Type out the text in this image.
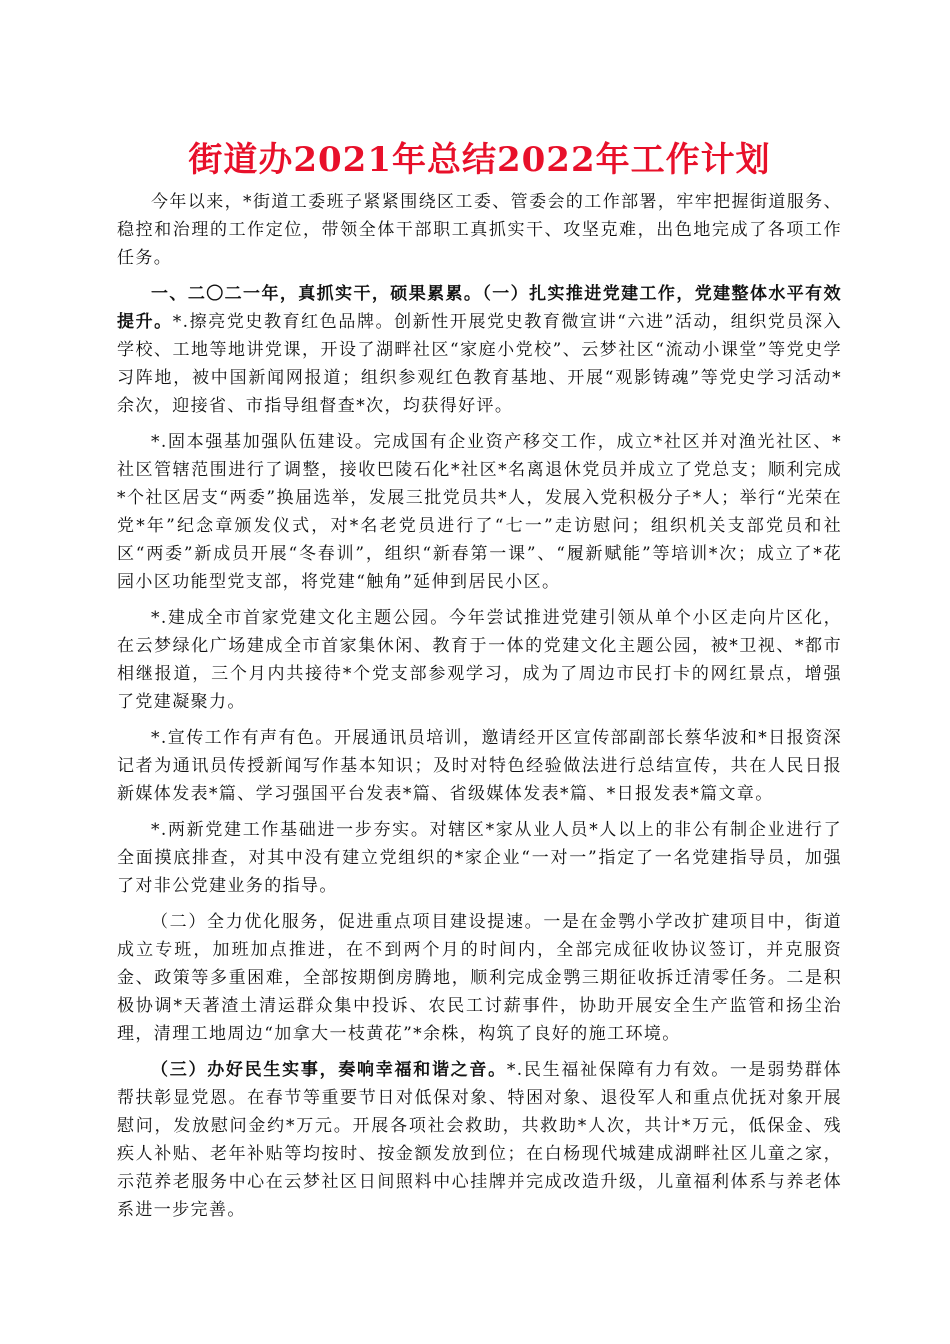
街道办2021年总结2022年工作计划

今年以来，*街道工委班子紧紧围绕区工委、管委会的工作部署，牢牢把握街道服务、稳控和治理的工作定位，带领全体干部职工真抓实干、攻坚克难，出色地完成了各项工作任务。

一、二〇二一年，真抓实干，硕果累累。（一）扎实推进党建工作，党建整体水平有效提升。*.擦亮党史教育红色品牌。创新性开展党史教育微宣讲“六进”活动，组织党员深入学校、工地等地讲党课，开设了湖畔社区“家庭小党校”、云梦社区“流动小课堂”等党史学习阵地，被中国新闻网报道；组织参观红色教育基地、开展“观影铸魂”等党史学习活动*余次，迎接省、市指导组督查*次，均获得好评。

*.固本强基加强队伍建设。完成国有企业资产移交工作，成立*社区并对渔光社区、*社区管辖范围进行了调整，接收巴陵石化*社区*名离退休党员并成立了党总支；顺利完成*个社区居支“两委”换届选举，发展三批党员共*人，发展入党积极分子*人；举行“光荣在党*年”纪念章颁发仪式，对*名老党员进行了“七一”走访慰问；组织机关支部党员和社区“两委”新成员开展“冬春训”，组织“新春第一课”、“履新赋能”等培训*次；成立了*花园小区功能型党支部，将党建“触角”延伸到居民小区。

*.建成全市首家党建文化主题公园。今年尝试推进党建引领从单个小区走向片区化，在云梦绿化广场建成全市首家集休闲、教育于一体的党建文化主题公园，被*卫视、*都市相继报道，三个月内共接待*个党支部参观学习，成为了周边市民打卡的网红景点，增强了党建凝聚力。

*.宣传工作有声有色。开展通讯员培训，邀请经开区宣传部副部长蔡华波和*日报资深记者为通讯员传授新闻写作基本知识；及时对特色经验做法进行总结宣传，共在人民日报新媒体发表*篇、学习强国平台发表*篇、省级媒体发表*篇、*日报发表*篇文章。

*.两新党建工作基础进一步夯实。对辖区*家从业人员*人以上的非公有制企业进行了全面摸底排查，对其中没有建立党组织的*家企业“一对一”指定了一名党建指导员，加强了对非公党建业务的指导。

（二）全力优化服务，促进重点项目建设提速。一是在金鹗小学改扩建项目中，街道成立专班，加班加点推进，在不到两个月的时间内，全部完成征收协议签订，并克服资金、政策等多重困难，全部按期倒房腾地，顺利完成金鹗三期征收拆迁清零任务。二是积极协调*天著渣土清运群众集中投诉、农民工讨薪事件，协助开展安全生产监管和扬尘治理，清理工地周边“加拿大一枝黄花”*余株，构筑了良好的施工环境。

（三）办好民生实事，奏响幸福和谐之音。*.民生福祉保障有力有效。一是弱势群体帮扶彰显党恩。在春节等重要节日对低保对象、特困对象、退役军人和重点优抚对象开展慰问，发放慰问金约*万元。开展各项社会救助，共救助*人次，共计*万元，低保金、残疾人补贴、老年补贴等均按时、按金额发放到位；在白杨现代城建成湖畔社区儿童之家，示范养老服务中心在云梦社区日间照料中心挂牌并完成改造升级，儿童福利体系与养老体系进一步完善。
